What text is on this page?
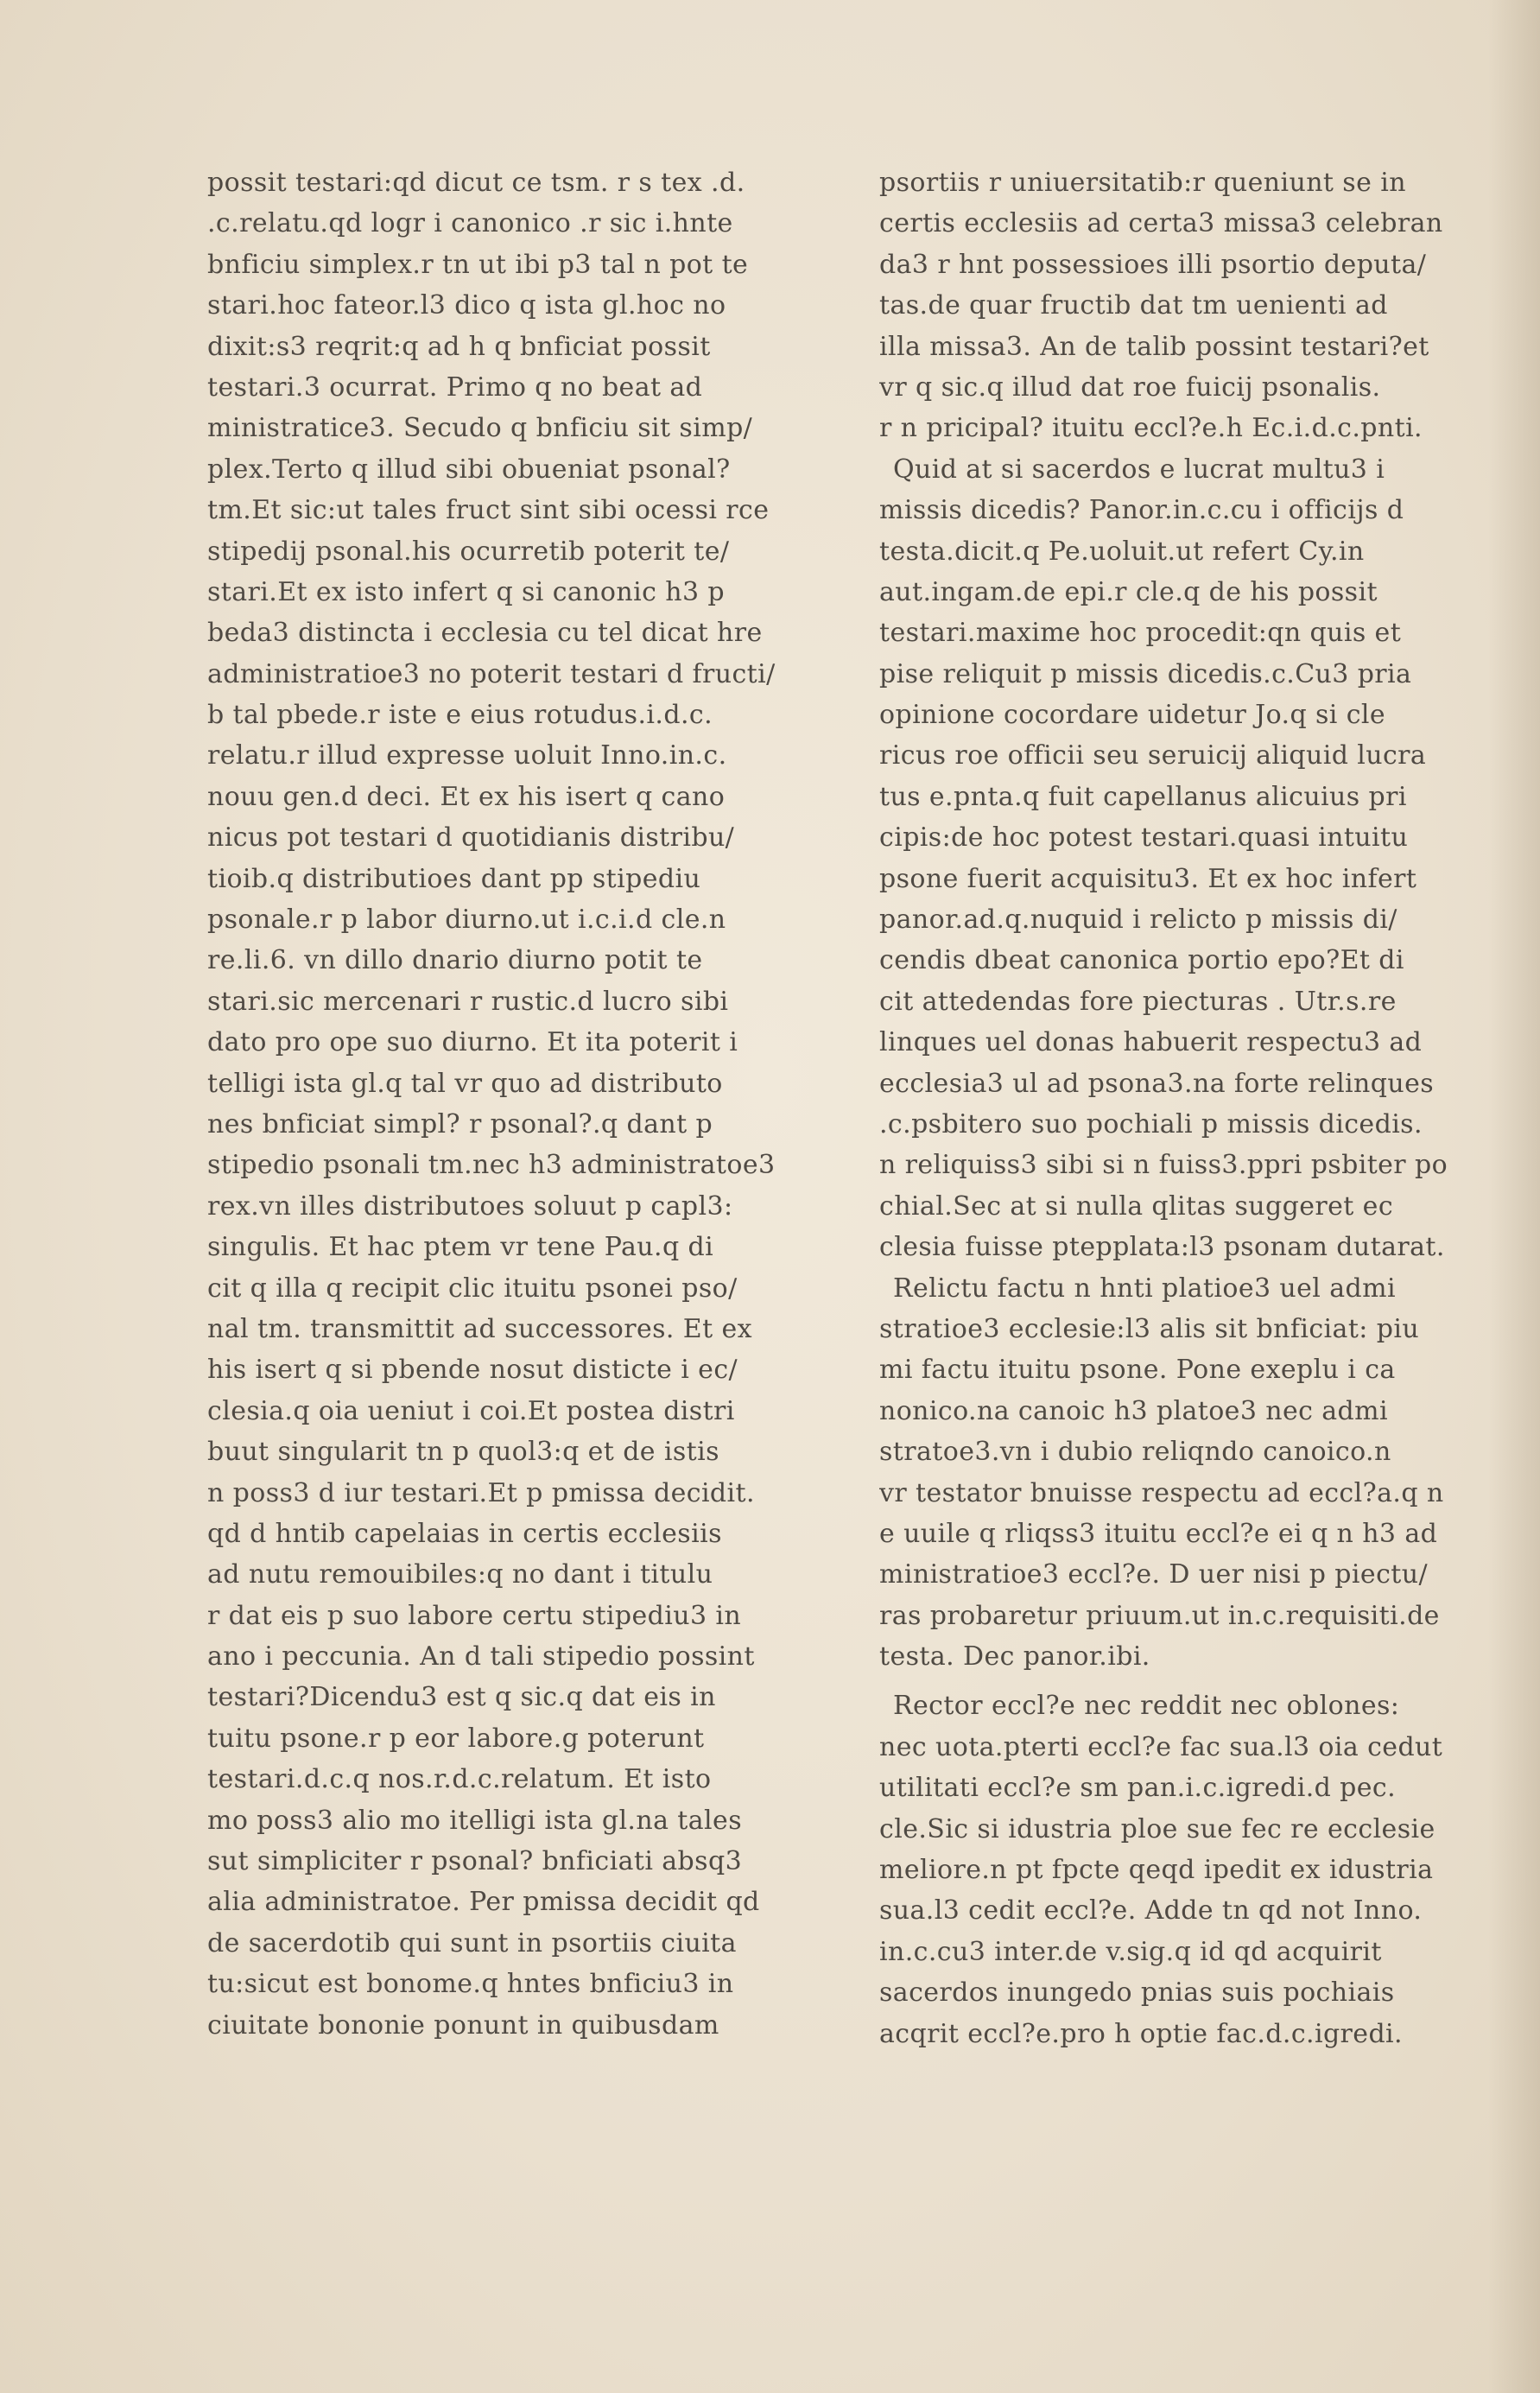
possit testari:qd dicut ce tsm. r s tex .d.
.c.relatu.qd logr i canonico .r sic i.hnte
bnficiu simplex.r tn ut ibi p3 tal n pot te
stari.hoc fateor.l3 dico q ista gl.hoc no
dixit:s3 reqrit:q ad h q bnficiat possit
testari.3 ocurrat. Primo q no beat ad
ministratice3. Secudo q bnficiu sit simp/
plex.Terto q illud sibi obueniat psonal?
tm.Et sic:ut tales fruct sint sibi ocessi rce
stipedij psonal.his ocurretib poterit te/
stari.Et ex isto infert q si canonic h3 p
beda3 distincta i ecclesia cu tel dicat hre
administratioe3 no poterit testari d fructi/
b tal pbede.r iste e eius rotudus.i.d.c.
relatu.r illud expresse uoluit Inno.in.c.
nouu gen.d deci. Et ex his isert q cano
nicus pot testari d quotidianis distribu/
tioib.q distributioes dant pp stipediu
psonale.r p labor diurno.ut i.c.i.d cle.n
re.li.6. vn dillo dnario diurno potit te
stari.sic mercenari r rustic.d lucro sibi
dato pro ope suo diurno. Et ita poterit i
telligi ista gl.q tal vr quo ad distributo
nes bnficiat simpl? r psonal?.q dant p
stipedio psonali tm.nec h3 administratoe3
rex.vn illes distributoes soluut p capl3:
singulis. Et hac ptem vr tene Pau.q di
cit q illa q recipit clic ituitu psonei pso/
nal tm. transmittit ad successores. Et ex
his isert q si pbende nosut disticte i ec/
clesia.q oia ueniut i coi.Et postea distri
buut singularit tn p quol3:q et de istis
n poss3 d iur testari.Et p pmissa decidit.
qd d hntib capelaias in certis ecclesiis
ad nutu remouibiles:q no dant i titulu
r dat eis p suo labore certu stipediu3 in
ano i peccunia. An d tali stipedio possint
testari?Dicendu3 est q sic.q dat eis in
tuitu psone.r p eor labore.g poterunt
testari.d.c.q nos.r.d.c.relatum. Et isto
mo poss3 alio mo itelligi ista gl.na tales
sut simpliciter r psonal? bnficiati absq3
alia administratoe. Per pmissa decidit qd
de sacerdotib qui sunt in psortiis ciuita
tu:sicut est bonome.q hntes bnficiu3 in
ciuitate bononie ponunt in quibusdam
psortiis r uniuersitatib:r queniunt se in
certis ecclesiis ad certa3 missa3 celebran
da3 r hnt possessioes illi psortio deputa/
tas.de quar fructib dat tm uenienti ad
illa missa3. An de talib possint testari?et
vr q sic.q illud dat roe fuicij psonalis.
r n pricipal? ituitu eccl?e.h Ec.i.d.c.pnti.
Quid at si sacerdos e lucrat multu3 i
missis dicedis? Panor.in.c.cu i officijs d
testa.dicit.q Pe.uoluit.ut refert Cy.in
aut.ingam.de epi.r cle.q de his possit
testari.maxime hoc procedit:qn quis et
pise reliquit p missis dicedis.c.Cu3 pria
opinione cocordare uidetur Jo.q si cle
ricus roe officii seu seruicij aliquid lucra
tus e.pnta.q fuit capellanus alicuius pri
cipis:de hoc potest testari.quasi intuitu
psone fuerit acquisitu3. Et ex hoc infert
panor.ad.q.nuquid i relicto p missis di/
cendis dbeat canonica portio epo?Et di
cit attedendas fore piecturas . Utr.s.re
linques uel donas habuerit respectu3 ad
ecclesia3 ul ad psona3.na forte relinques
.c.psbitero suo pochiali p missis dicedis.
n reliquiss3 sibi si n fuiss3.ppri psbiter po
chial.Sec at si nulla qlitas suggeret ec
clesia fuisse ptepplata:l3 psonam dutarat.
Relictu factu n hnti platioe3 uel admi
stratioe3 ecclesie:l3 alis sit bnficiat: piu
mi factu ituitu psone. Pone exeplu i ca
nonico.na canoic h3 platoe3 nec admi
stratoe3.vn i dubio reliqndo canoico.n
vr testator bnuisse respectu ad eccl?a.q n
e uuile q rliqss3 ituitu eccl?e ei q n h3 ad
ministratioe3 eccl?e. D uer nisi p piectu/
ras probaretur priuum.ut in.c.requisiti.de
testa. Dec panor.ibi.
Rector eccl?e nec reddit nec oblones:
nec uota.pterti eccl?e fac sua.l3 oia cedut
utilitati eccl?e sm pan.i.c.igredi.d pec.
cle.Sic si idustria ploe sue fec re ecclesie
meliore.n pt fpcte qeqd ipedit ex idustria
sua.l3 cedit eccl?e. Adde tn qd not Inno.
in.c.cu3 inter.de v.sig.q id qd acquirit
sacerdos inungedo pnias suis pochiais
acqrit eccl?e.pro h optie fac.d.c.igredi.
